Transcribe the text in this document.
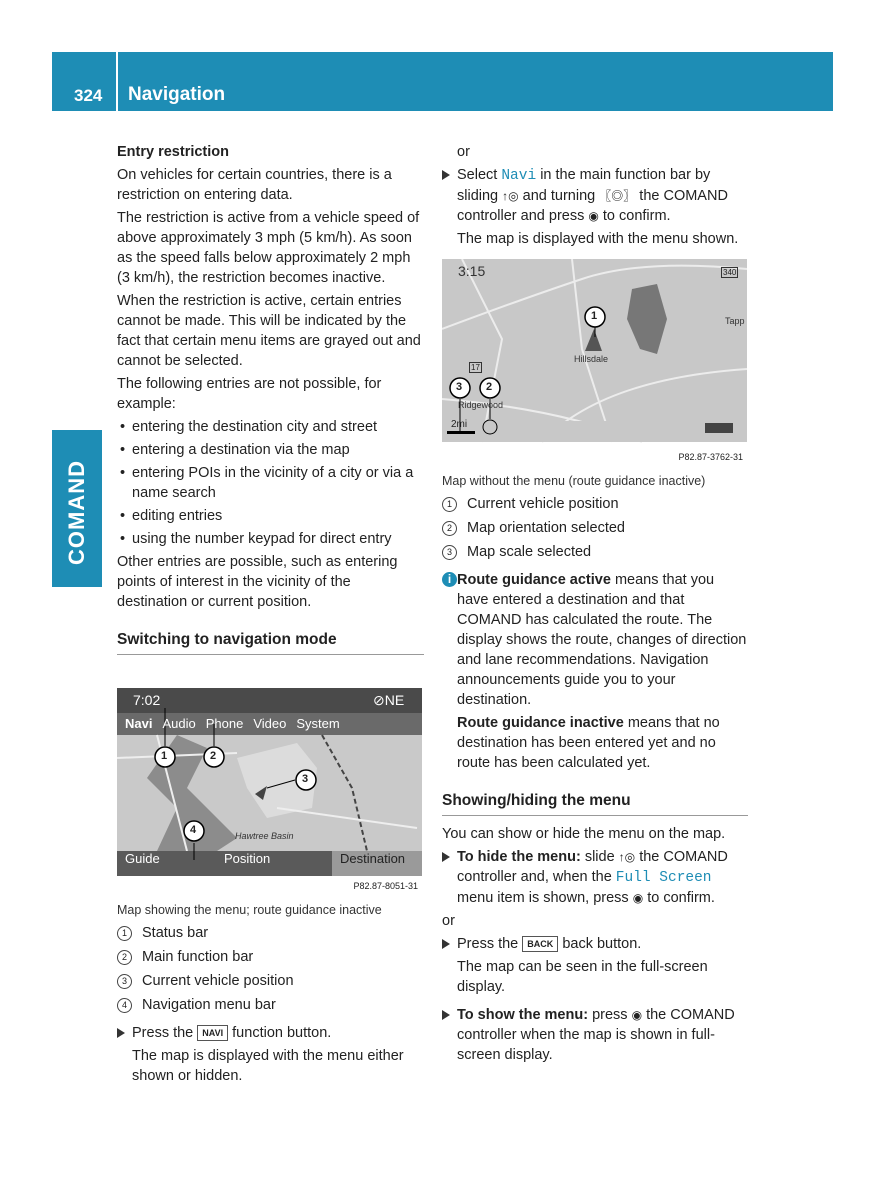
324 Navigation
COMAND

Entry restriction

On vehicles for certain countries, there is a restriction on entering data.

The restriction is active from a vehicle speed of above approximately 3 mph (5 km/h). As soon as the speed falls below approximately 2 mph (3 km/h), the restriction becomes inactive.

When the restriction is active, certain entries cannot be made. This will be indicated by the fact that certain menu items are grayed out and cannot be selected.

The following entries are not possible, for example:

• entering the destination city and street

• entering a destination via the map

• entering POIs in the vicinity of a city or via a name search

• editing entries

• using the number keypad for direct entry

Other entries are possible, such as entering points of interest in the vicinity of the destination or current position.

Switching to navigation mode

7:02	⊘NE
Navi Audio Phone Video System
Hawtree Basin
Guide	Position	Destination
1	2
3
4
P82.87-8051-31

Map showing the menu; route guidance inactive

1	Status bar
2	Main function bar
3	Current vehicle position
4	Navigation menu bar

Press the NAVI function button.

The map is displayed with the menu either shown or hidden.

or

Select Navi in the main function bar by sliding ↑◎ and turning 〖◎〗 the COMAND controller and press ◉ to confirm.

The map is displayed with the menu shown.

3:15	340
17
Hillsdale
Ridgewood
Tapp
2mi
1
2
3
P82.87-3762-31

Map without the menu (route guidance inactive)

1	Current vehicle position
2	Map orientation selected
3	Map scale selected

i Route guidance active means that you have entered a destination and that COMAND has calculated the route. The display shows the route, changes of direction and lane recommendations. Navigation announcements guide you to your destination.

Route guidance inactive means that no destination has been entered yet and no route has been calculated yet.

Showing/hiding the menu

You can show or hide the menu on the map.

To hide the menu: slide ↑◎ the COMAND controller and, when the Full Screen menu item is shown, press ◉ to confirm.

or

Press the BACK back button.

The map can be seen in the full-screen display.

To show the menu: press ◉ the COMAND controller when the map is shown in full-screen display.
